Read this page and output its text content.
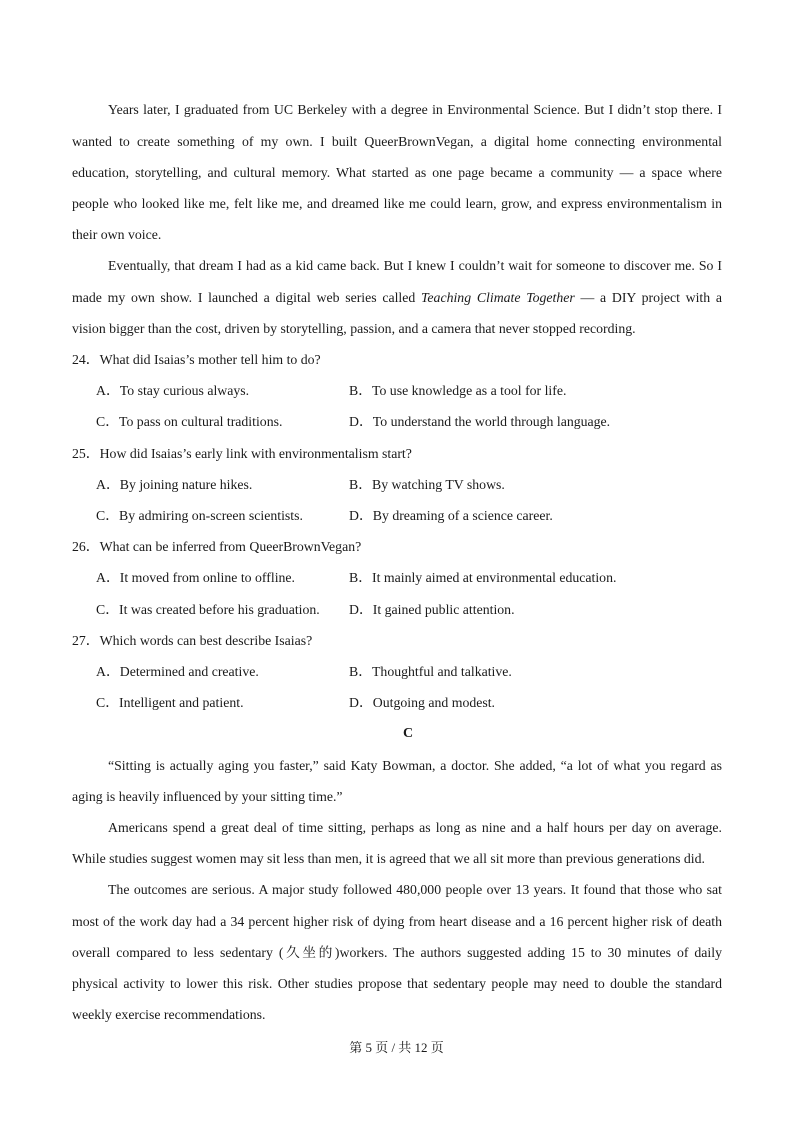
Years later, I graduated from UC Berkeley with a degree in Environmental Science. But I didn’t stop there. I
wanted to create something of my own. I built QueerBrownVegan, a digital home connecting environmental
education, storytelling, and cultural memory. What started as one page became a community — a space where
people who looked like me, felt like me, and dreamed like me could learn, grow, and express environmentalism in
their own voice.
Eventually, that dream I had as a kid came back. But I knew I couldn’t wait for someone to discover me. So I
made my own show. I launched a digital web series called Teaching Climate Together — a DIY project with a
vision bigger than the cost, driven by storytelling, passion, and a camera that never stopped recording.
24．What did Isaias’s mother tell him to do?
A．To stay curious always.	B．To use knowledge as a tool for life.
C．To pass on cultural traditions.	D．To understand the world through language.
25．How did Isaias’s early link with environmentalism start?
A．By joining nature hikes.	B．By watching TV shows.
C．By admiring on-screen scientists.	D．By dreaming of a science career.
26．What can be inferred from QueerBrownVegan?
A．It moved from online to offline.	B．It mainly aimed at environmental education.
C．It was created before his graduation.	D．It gained public attention.
27．Which words can best describe Isaias?
A．Determined and creative.	B．Thoughtful and talkative.
C．Intelligent and patient.	D．Outgoing and modest.
C
“Sitting is actually aging you faster,” said Katy Bowman, a doctor. She added, “a lot of what you regard as
aging is heavily influenced by your sitting time.”
Americans spend a great deal of time sitting, perhaps as long as nine and a half hours per day on average.
While studies suggest women may sit less than men, it is agreed that we all sit more than previous generations did.
The outcomes are serious. A major study followed 480,000 people over 13 years. It found that those who sat
most of the work day had a 34 percent higher risk of dying from heart disease and a 16 percent higher risk of death
overall compared to less sedentary (久坐的)workers. The authors suggested adding 15 to 30 minutes of daily
physical activity to lower this risk. Other studies propose that sedentary people may need to double the standard
weekly exercise recommendations.
第 5 页 / 共 12 页
